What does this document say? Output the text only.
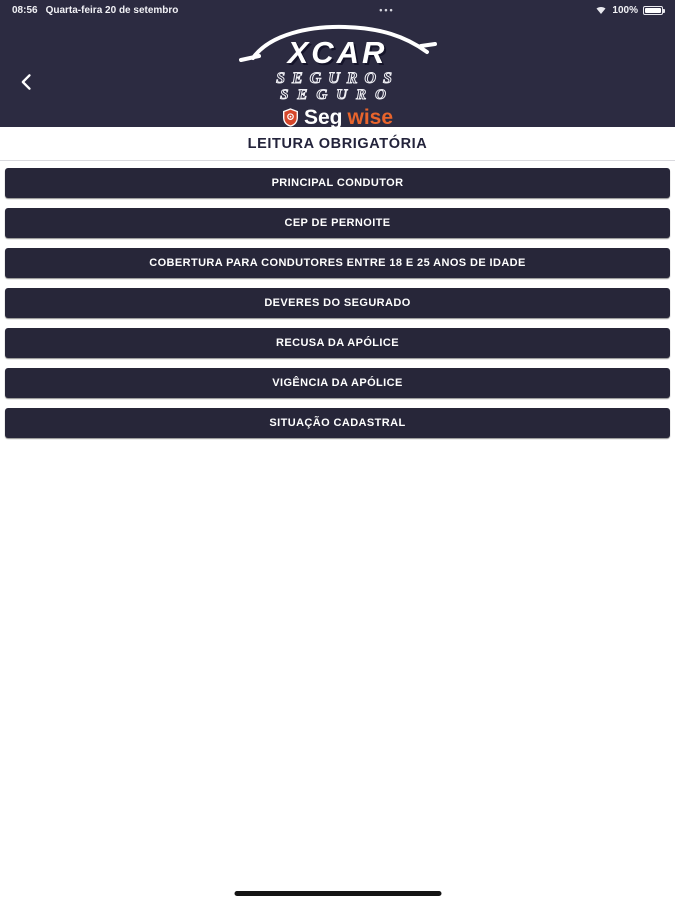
08:56 Quarta-feira 20 de setembro	•••	100%
XCAR
SEGUROS
SEGURO
Seg wise
LEITURA OBRIGATÓRIA
PRINCIPAL CONDUTOR
CEP DE PERNOITE
COBERTURA PARA CONDUTORES ENTRE 18 E 25 ANOS DE IDADE
DEVERES DO SEGURADO
RECUSA DA APÓLICE
VIGÊNCIA DA APÓLICE
SITUAÇÃO CADASTRAL
